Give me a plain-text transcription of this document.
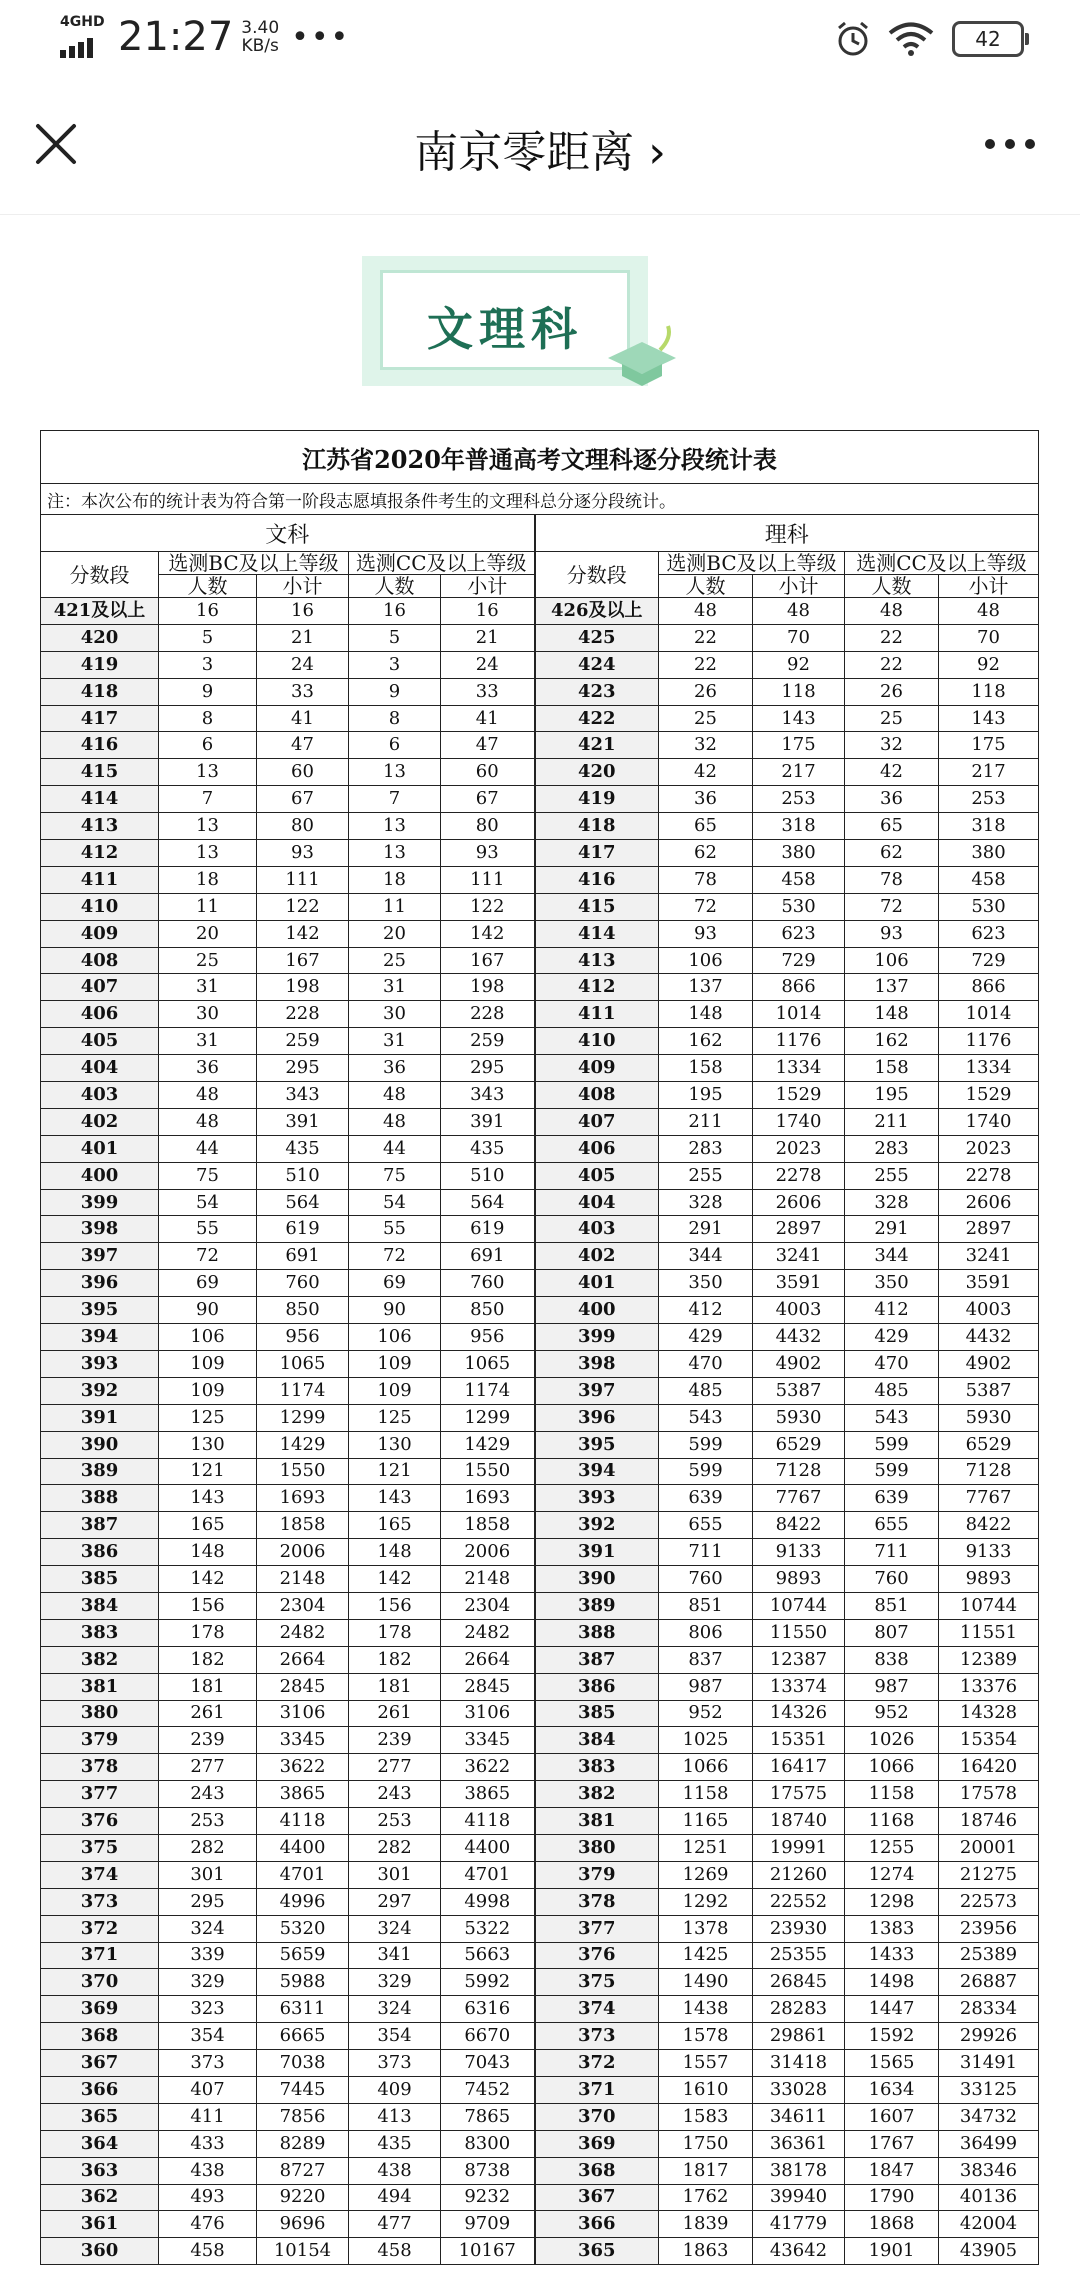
4GHD 21:27 3.40
KB/s •••	42
南京零距离 ›
文理科
江苏省2020年普通高考文理科逐分段统计表									
注：本次公布的统计表为符合第一阶段志愿填报条件考生的文理科总分逐分段统计。									
文科					理科				
分数段	选测BC及以上等级		选测CC及以上等级		分数段	选测BC及以上等级		选测CC及以上等级	
	人数	小计	人数	小计		人数	小计	人数	小计
421及以上	16	16	16	16	426及以上	48	48	48	48
420	5	21	5	21	425	22	70	22	70
419	3	24	3	24	424	22	92	22	92
418	9	33	9	33	423	26	118	26	118
417	8	41	8	41	422	25	143	25	143
416	6	47	6	47	421	32	175	32	175
415	13	60	13	60	420	42	217	42	217
414	7	67	7	67	419	36	253	36	253
413	13	80	13	80	418	65	318	65	318
412	13	93	13	93	417	62	380	62	380
411	18	111	18	111	416	78	458	78	458
410	11	122	11	122	415	72	530	72	530
409	20	142	20	142	414	93	623	93	623
408	25	167	25	167	413	106	729	106	729
407	31	198	31	198	412	137	866	137	866
406	30	228	30	228	411	148	1014	148	1014
405	31	259	31	259	410	162	1176	162	1176
404	36	295	36	295	409	158	1334	158	1334
403	48	343	48	343	408	195	1529	195	1529
402	48	391	48	391	407	211	1740	211	1740
401	44	435	44	435	406	283	2023	283	2023
400	75	510	75	510	405	255	2278	255	2278
399	54	564	54	564	404	328	2606	328	2606
398	55	619	55	619	403	291	2897	291	2897
397	72	691	72	691	402	344	3241	344	3241
396	69	760	69	760	401	350	3591	350	3591
395	90	850	90	850	400	412	4003	412	4003
394	106	956	106	956	399	429	4432	429	4432
393	109	1065	109	1065	398	470	4902	470	4902
392	109	1174	109	1174	397	485	5387	485	5387
391	125	1299	125	1299	396	543	5930	543	5930
390	130	1429	130	1429	395	599	6529	599	6529
389	121	1550	121	1550	394	599	7128	599	7128
388	143	1693	143	1693	393	639	7767	639	7767
387	165	1858	165	1858	392	655	8422	655	8422
386	148	2006	148	2006	391	711	9133	711	9133
385	142	2148	142	2148	390	760	9893	760	9893
384	156	2304	156	2304	389	851	10744	851	10744
383	178	2482	178	2482	388	806	11550	807	11551
382	182	2664	182	2664	387	837	12387	838	12389
381	181	2845	181	2845	386	987	13374	987	13376
380	261	3106	261	3106	385	952	14326	952	14328
379	239	3345	239	3345	384	1025	15351	1026	15354
378	277	3622	277	3622	383	1066	16417	1066	16420
377	243	3865	243	3865	382	1158	17575	1158	17578
376	253	4118	253	4118	381	1165	18740	1168	18746
375	282	4400	282	4400	380	1251	19991	1255	20001
374	301	4701	301	4701	379	1269	21260	1274	21275
373	295	4996	297	4998	378	1292	22552	1298	22573
372	324	5320	324	5322	377	1378	23930	1383	23956
371	339	5659	341	5663	376	1425	25355	1433	25389
370	329	5988	329	5992	375	1490	26845	1498	26887
369	323	6311	324	6316	374	1438	28283	1447	28334
368	354	6665	354	6670	373	1578	29861	1592	29926
367	373	7038	373	7043	372	1557	31418	1565	31491
366	407	7445	409	7452	371	1610	33028	1634	33125
365	411	7856	413	7865	370	1583	34611	1607	34732
364	433	8289	435	8300	369	1750	36361	1767	36499
363	438	8727	438	8738	368	1817	38178	1847	38346
362	493	9220	494	9232	367	1762	39940	1790	40136
361	476	9696	477	9709	366	1839	41779	1868	42004
360	458	10154	458	10167	365	1863	43642	1901	43905
